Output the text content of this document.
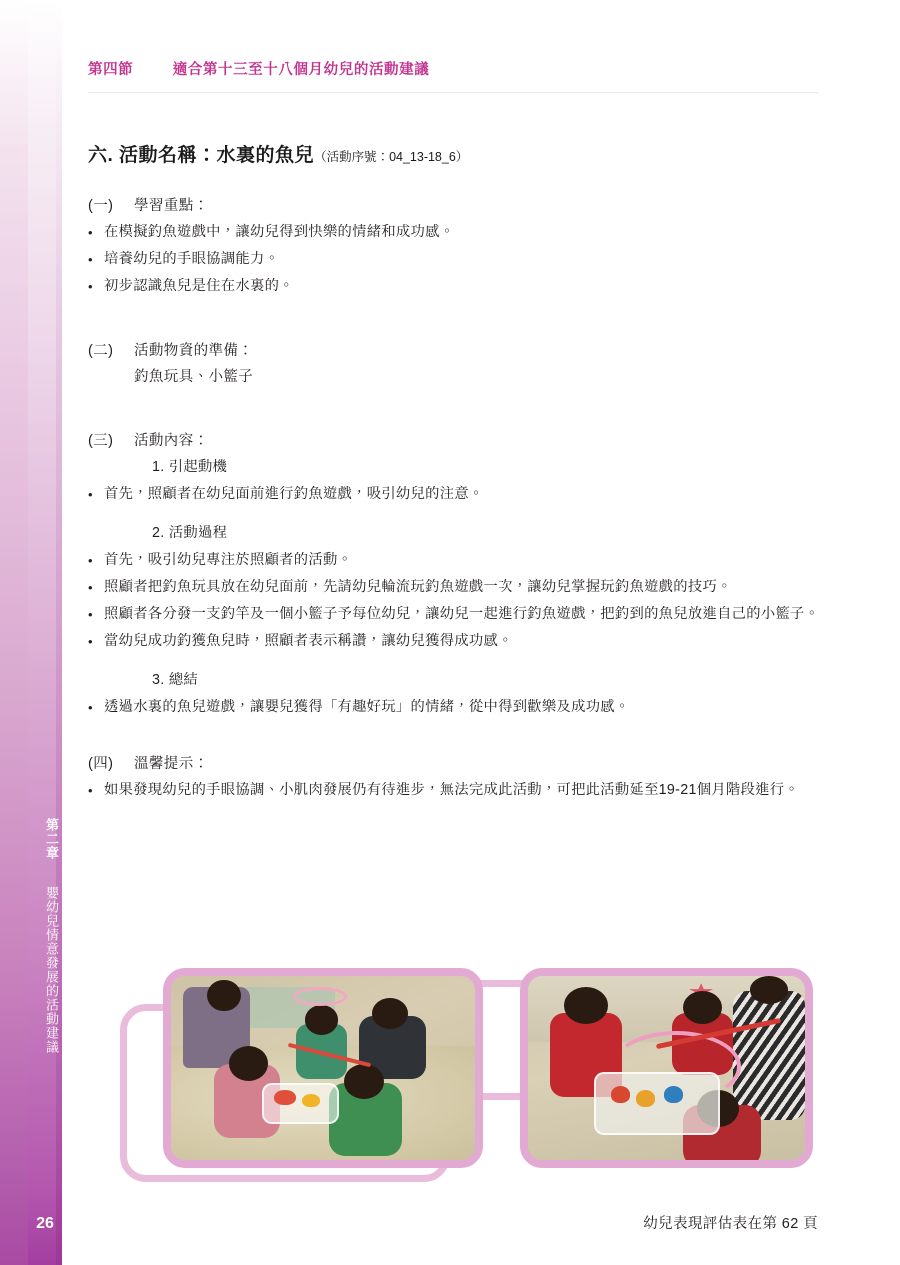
第二章 嬰幼兒情意發展的活動建議
26
第四節	適合第十三至十八個月幼兒的活動建議
六. 活動名稱：水裏的魚兒（活動序號：04_13-18_6）
(一)	學習重點：
• 在模擬釣魚遊戲中，讓幼兒得到快樂的情緒和成功感。
• 培養幼兒的手眼協調能力。
• 初步認識魚兒是住在水裏的。
(二)	活動物資的準備：
釣魚玩具、小籃子
(三)	活動內容：
1. 引起動機
• 首先，照顧者在幼兒面前進行釣魚遊戲，吸引幼兒的注意。
2. 活動過程
• 首先，吸引幼兒專注於照顧者的活動。
• 照顧者把釣魚玩具放在幼兒面前，先請幼兒輪流玩釣魚遊戲一次，讓幼兒掌握玩釣魚遊戲的技巧。
• 照顧者各分發一支釣竿及一個小籃子予每位幼兒，讓幼兒一起進行釣魚遊戲，把釣到的魚兒放進自己的小籃子。
• 當幼兒成功釣獲魚兒時，照顧者表示稱讚，讓幼兒獲得成功感。
3. 總結
• 透過水裏的魚兒遊戲，讓嬰兒獲得「有趣好玩」的情緒，從中得到歡樂及成功感。
(四)	溫馨提示：
• 如果發現幼兒的手眼協調、小肌肉發展仍有待進步，無法完成此活動，可把此活動延至19-21個月階段進行。
幼兒表現評估表在第 62 頁
